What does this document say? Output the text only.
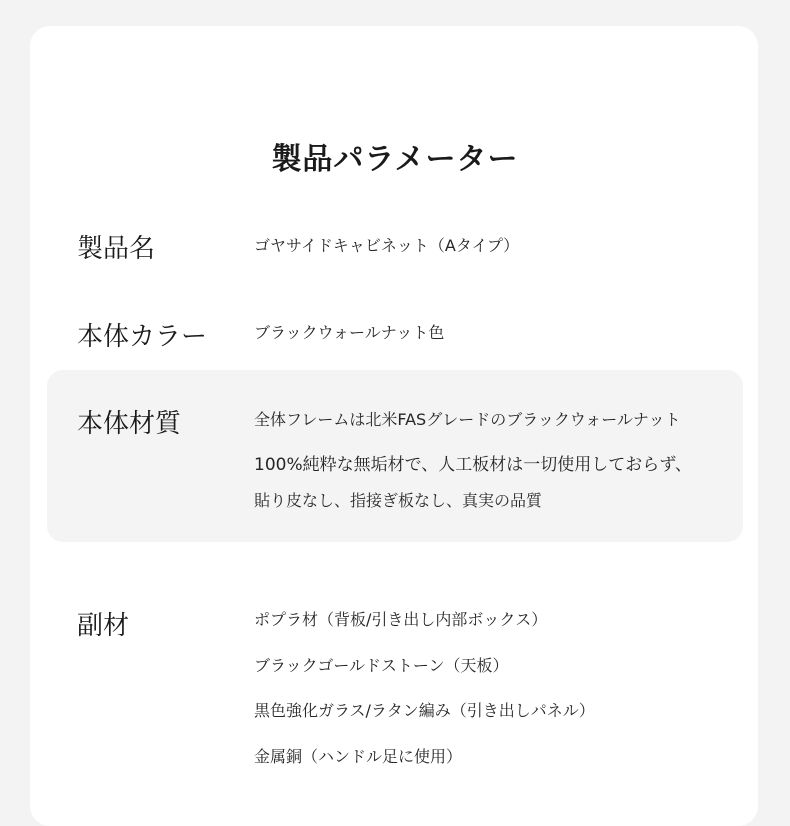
製品パラメーター
製品名	ゴヤサイドキャビネット（Aタイプ）
本体カラー	ブラックウォールナット色
本体材質	全体フレームは北米FASグレードのブラックウォールナット
100%純粋な無垢材で、人工板材は一切使用しておらず、
貼り皮なし、指接ぎ板なし、真実の品質
副材	ポプラ材（背板/引き出し内部ボックス）
ブラックゴールドストーン（天板）
黒色強化ガラス/ラタン編み（引き出しパネル）
金属銅（ハンドル足に使用）
